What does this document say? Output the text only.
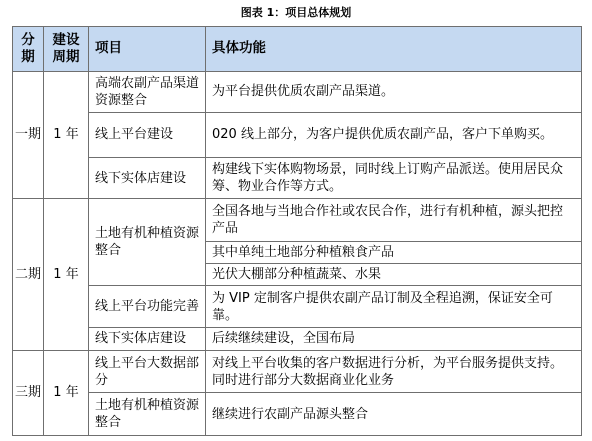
图表 1：项目总体规划
分期	建设周期	项目	具体功能
一期	1 年	高端农副产品渠道资源整合	为平台提供优质农副产品渠道。
		线上平台建设	020 线上部分，为客户提供优质农副产品，客户下单购买。
		线下实体店建设	构建线下实体购物场景，同时线上订购产品派送。使用居民众筹、物业合作等方式。
二期	1 年	土地有机种植资源整合	全国各地与当地合作社或农民合作，进行有机种植，源头把控产品
			其中单纯土地部分种植粮食产品
			光伏大棚部分种植蔬菜、水果
		线上平台功能完善	为 VIP 定制客户提供农副产品订制及全程追溯，保证安全可靠。
		线下实体店建设	后续继续建设，全国布局
三期	1 年	线上平台大数据部分	对线上平台收集的客户数据进行分析，为平台服务提供支持。同时进行部分大数据商业化业务
		土地有机种植资源整合	继续进行农副产品源头整合
